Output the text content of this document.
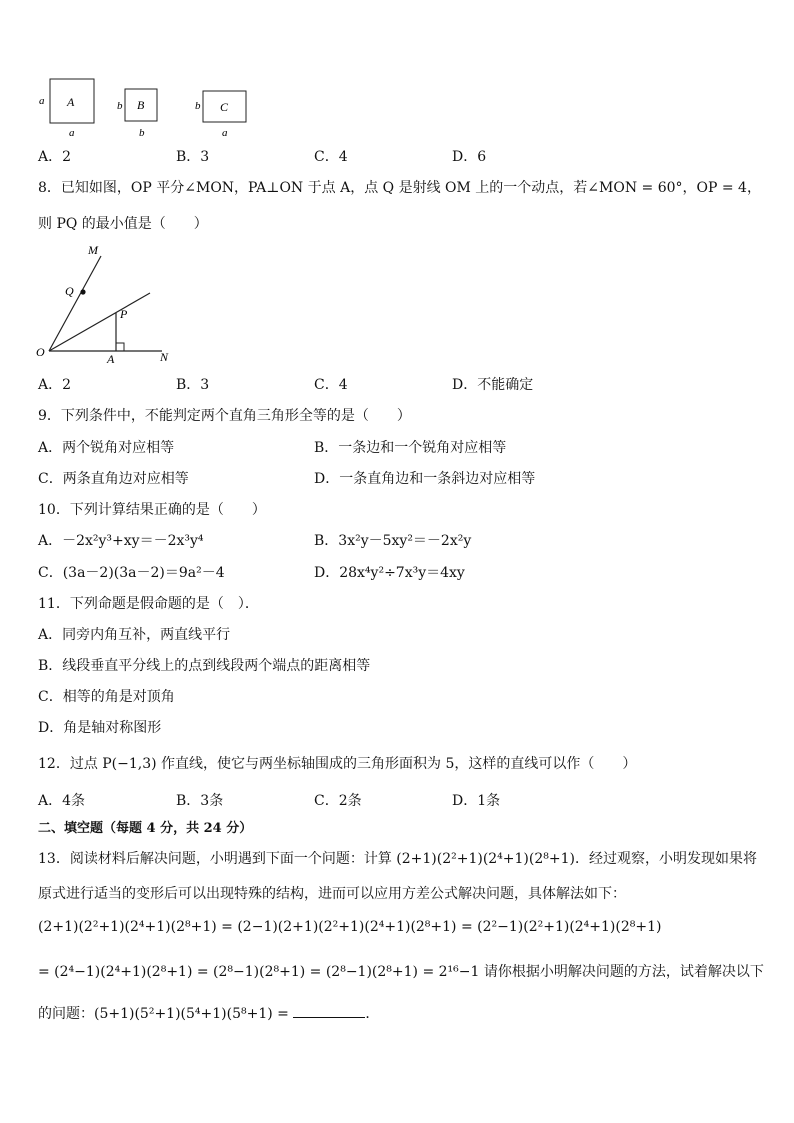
A
a
a
B
b
b
C
b
a
A．2	B．3	C．4	D．6
8．已知如图，OP 平分∠MON，PA⊥ON 于点 A，点 Q 是射线 OM 上的一个动点，若∠MON = 60°，OP = 4，
则 PQ 的最小值是（　　）
M
Q
P
O	A	N
A．2	B．3	C．4	D．不能确定
9．下列条件中，不能判定两个直角三角形全等的是（　　）
A．两个锐角对应相等	B．一条边和一个锐角对应相等
C．两条直角边对应相等	D．一条直角边和一条斜边对应相等
10．下列计算结果正确的是（　　）
A．－2x²y³+xy＝－2x³y⁴	B．3x²y－5xy²＝－2x²y
C．(3a－2)(3a－2)＝9a²－4	D．28x⁴y²÷7x³y＝4xy
11．下列命题是假命题的是（　）．
A．同旁内角互补，两直线平行
B．线段垂直平分线上的点到线段两个端点的距离相等
C．相等的角是对顶角
D．角是轴对称图形
12．过点 P(−1,3) 作直线，使它与两坐标轴围成的三角形面积为 5，这样的直线可以作（　　）
A．4条	B．3条	C．2条	D．1条
二、填空题（每题 4 分，共 24 分）
13．阅读材料后解决问题，小明遇到下面一个问题：计算 (2+1)(2²+1)(2⁴+1)(2⁸+1)．经过观察，小明发现如果将
原式进行适当的变形后可以出现特殊的结构，进而可以应用方差公式解决问题，具体解法如下：
(2+1)(2²+1)(2⁴+1)(2⁸+1) = (2−1)(2+1)(2²+1)(2⁴+1)(2⁸+1) = (2²−1)(2²+1)(2⁴+1)(2⁸+1)
= (2⁴−1)(2⁴+1)(2⁸+1) = (2⁸−1)(2⁸+1) = (2⁸−1)(2⁸+1) = 2¹⁶−1 请你根据小明解决问题的方法，试着解决以下
的问题：(5+1)(5²+1)(5⁴+1)(5⁸+1) =	．
